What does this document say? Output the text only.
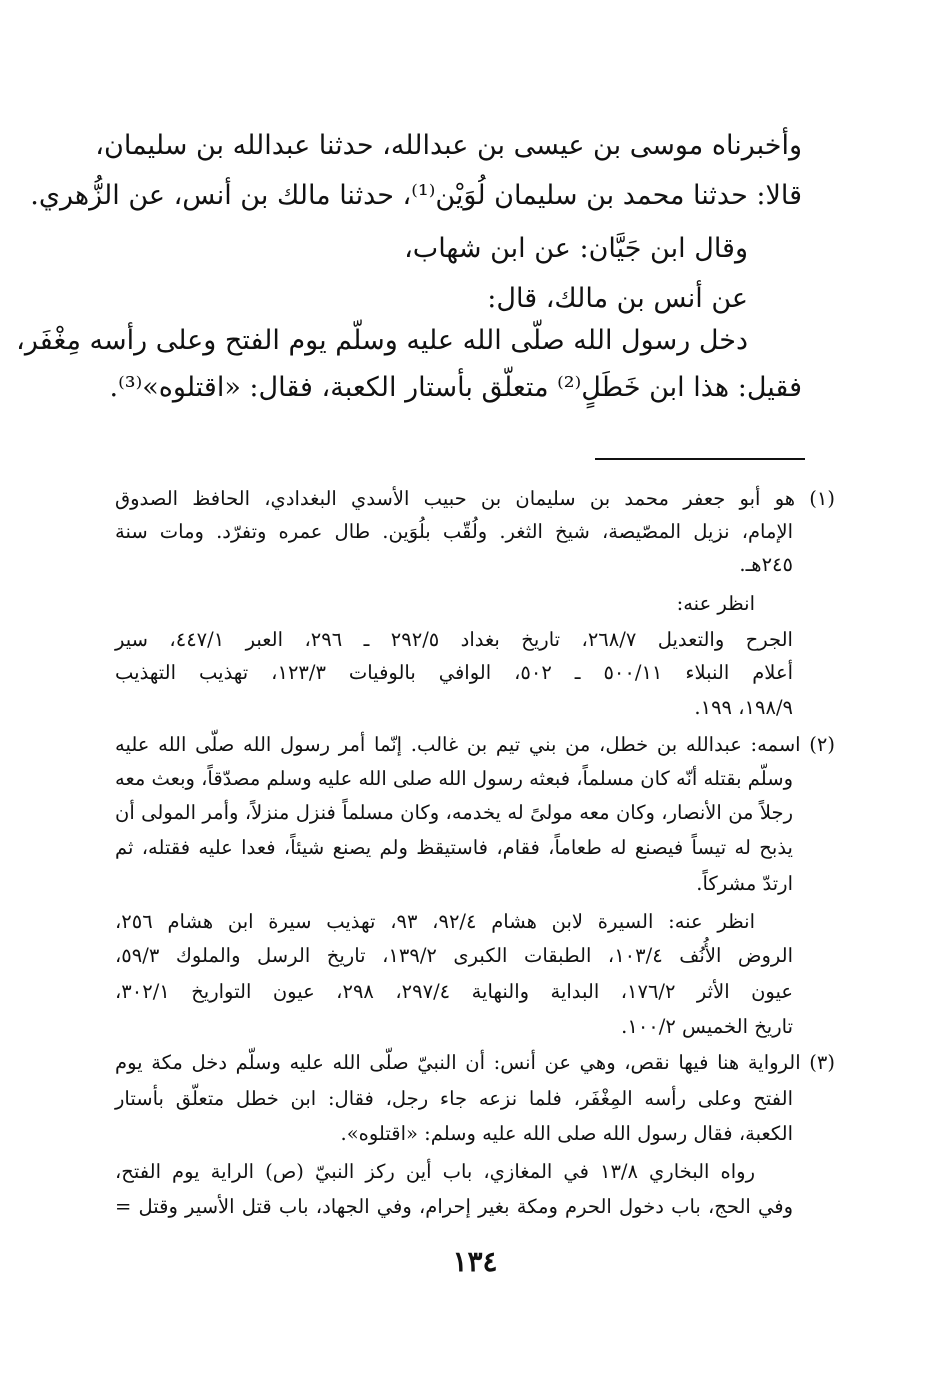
وأخبرناه موسى بن عيسى بن عبدالله، حدثنا عبدالله بن سليمان،
قالا: حدثنا محمد بن سليمان لُوَيْن⁽¹⁾، حدثنا مالك بن أنس، عن الزُّهري.
وقال ابن جَيَّان: عن ابن شهاب،
عن أنس بن مالك، قال:
دخل رسول الله صلّى الله عليه وسلّم يوم الفتح وعلى رأسه مِغْفَر،
فقيل: هذا ابن خَطَلٍ⁽²⁾ متعلّق بأستار الكعبة، فقال: «اقتلوه»⁽³⁾.
(١) هو أبو جعفر محمد بن سليمان بن حبيب الأسدي البغدادي، الحافظ الصدوق
الإمام، نزيل المصّيصة، شيخ الثغر. ولُقّب بلُوَين. طال عمره وتفرّد. ومات سنة
٢٤٥هـ.
انظر عنه:
الجرح والتعديل ٢٦٨/٧، تاريخ بغداد ٢٩٢/٥ ـ ٢٩٦، العبر ٤٤٧/١، سير
أعلام النبلاء ٥٠٠/١١ ـ ٥٠٢، الوافي بالوفيات ١٢٣/٣، تهذيب التهذيب
١٩٨/٩، ١٩٩.
(٢) اسمه: عبدالله بن خطل، من بني تيم بن غالب. إنّما أمر رسول الله صلّى الله عليه
وسلّم بقتله أنّه كان مسلماً، فبعثه رسول الله صلى الله عليه وسلم مصدّقاً، وبعث معه
رجلاً من الأنصار، وكان معه مولىً له يخدمه، وكان مسلماً فنزل منزلاً، وأمر المولى أن
يذبح له تيساً فيصنع له طعاماً، فقام، فاستيقظ ولم يصنع شيئاً، فعدا عليه فقتله، ثم
ارتدّ مشركاً.
انظر عنه: السيرة لابن هشام ٩٢/٤، ٩٣، تهذيب سيرة ابن هشام ٢٥٦،
الروض الأُنُف ١٠٣/٤، الطبقات الكبرى ١٣٩/٢، تاريخ الرسل والملوك ٥٩/٣،
عيون الأثر ١٧٦/٢، البداية والنهاية ٢٩٧/٤، ٢٩٨، عيون التواريخ ٣٠٢/١،
تاريخ الخميس ١٠٠/٢.
(٣) الرواية هنا فيها نقص، وهي عن أنس: أن النبيّ صلّى الله عليه وسلّم دخل مكة يوم
الفتح وعلى رأسه المِغْفَر، فلما نزعه جاء رجل، فقال: ابن خطل متعلّق بأستار
الكعبة، فقال رسول الله صلى الله عليه وسلم: «اقتلوه».
رواه البخاري ١٣/٨ في المغازي، باب أين ركز النبيّ (ص) الراية يوم الفتح،
وفي الحج، باب دخول الحرم ومكة بغير إحرام، وفي الجهاد، باب قتل الأسير وقتل =
١٣٤
